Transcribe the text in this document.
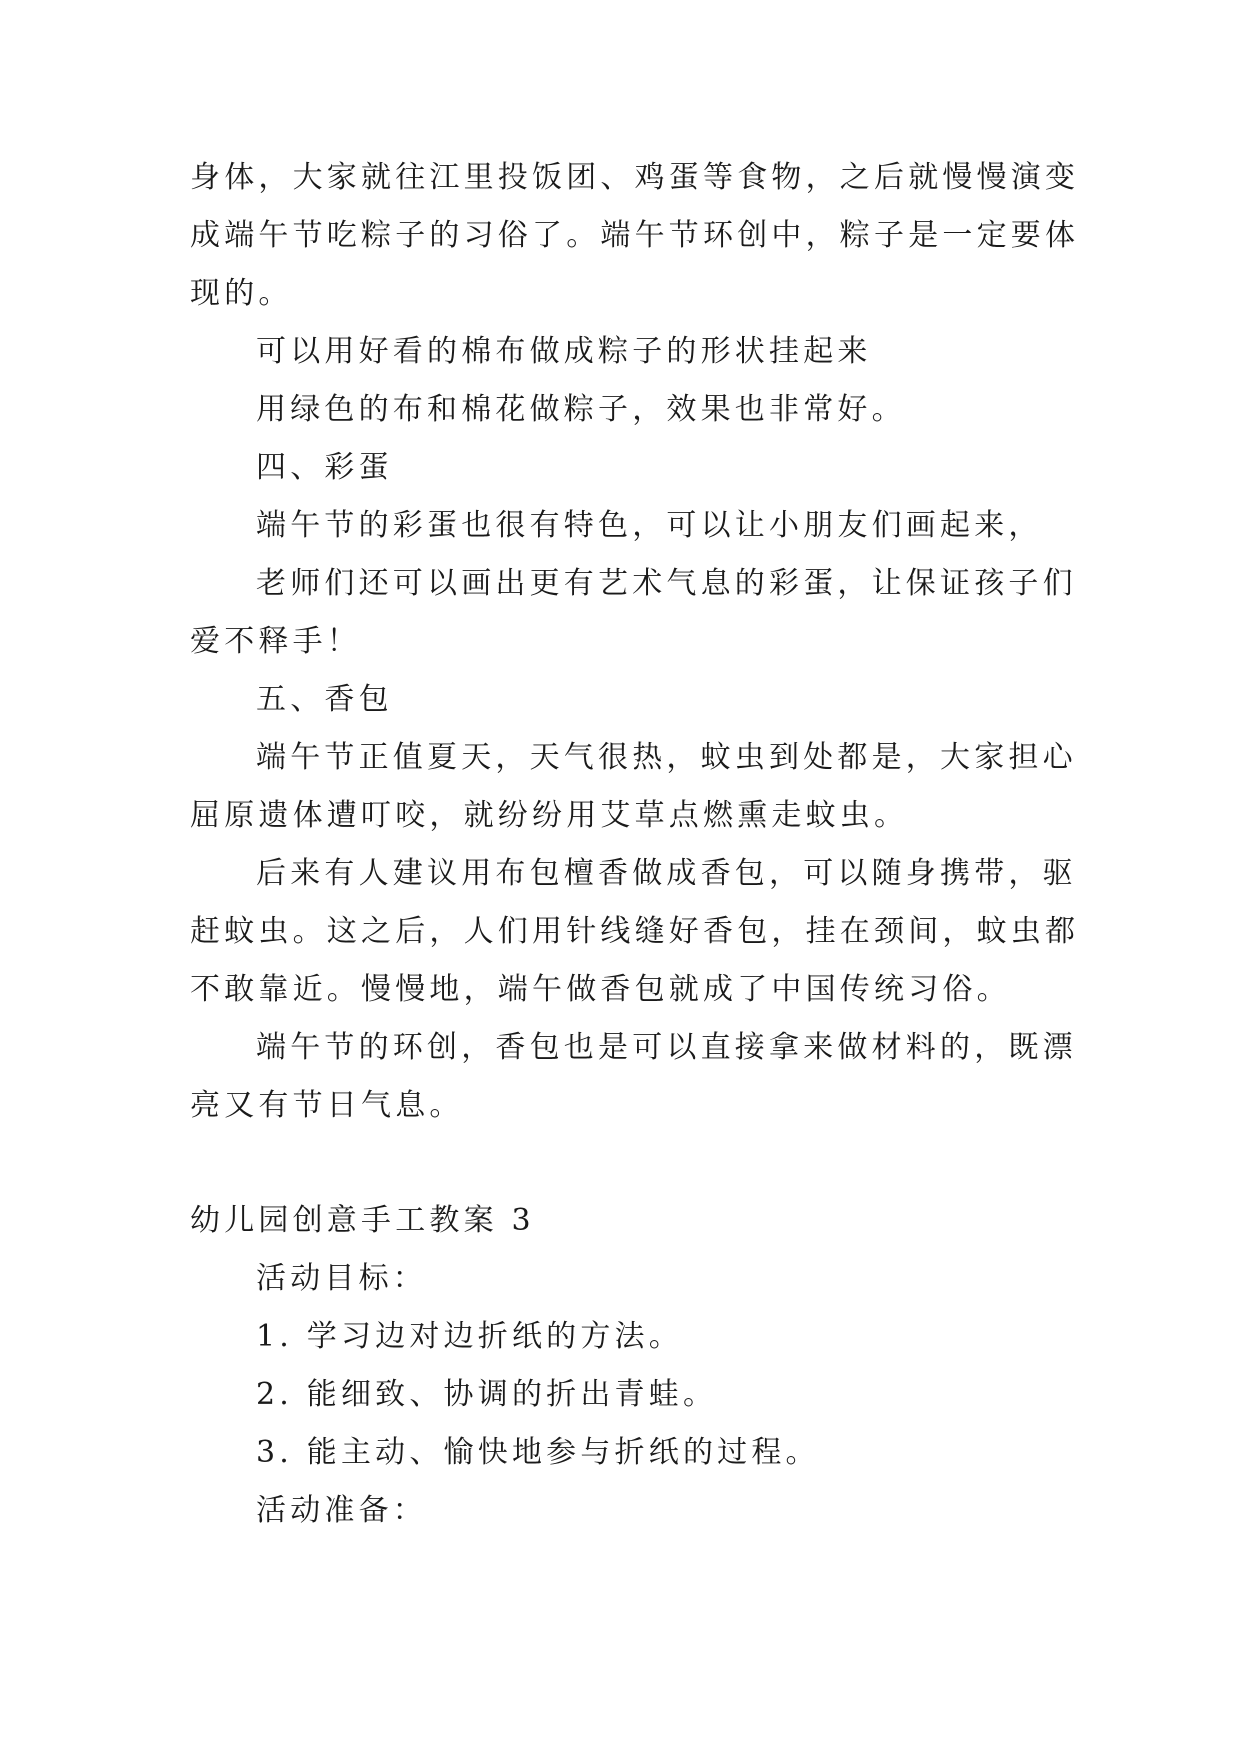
身体，大家就往江里投饭团、鸡蛋等食物，之后就慢慢演变
成端午节吃粽子的习俗了。端午节环创中，粽子是一定要体
现的。
可以用好看的棉布做成粽子的形状挂起来
用绿色的布和棉花做粽子，效果也非常好。
四、彩蛋
端午节的彩蛋也很有特色，可以让小朋友们画起来，
老师们还可以画出更有艺术气息的彩蛋，让保证孩子们
爱不释手！
五、香包
端午节正值夏天，天气很热，蚊虫到处都是，大家担心
屈原遗体遭叮咬，就纷纷用艾草点燃熏走蚊虫。
后来有人建议用布包檀香做成香包，可以随身携带，驱
赶蚊虫。这之后，人们用针线缝好香包，挂在颈间，蚊虫都
不敢靠近。慢慢地，端午做香包就成了中国传统习俗。
端午节的环创，香包也是可以直接拿来做材料的，既漂
亮又有节日气息。
幼儿园创意手工教案 3
活动目标：
1. 学习边对边折纸的方法。
2. 能细致、协调的折出青蛙。
3. 能主动、愉快地参与折纸的过程。
活动准备：
